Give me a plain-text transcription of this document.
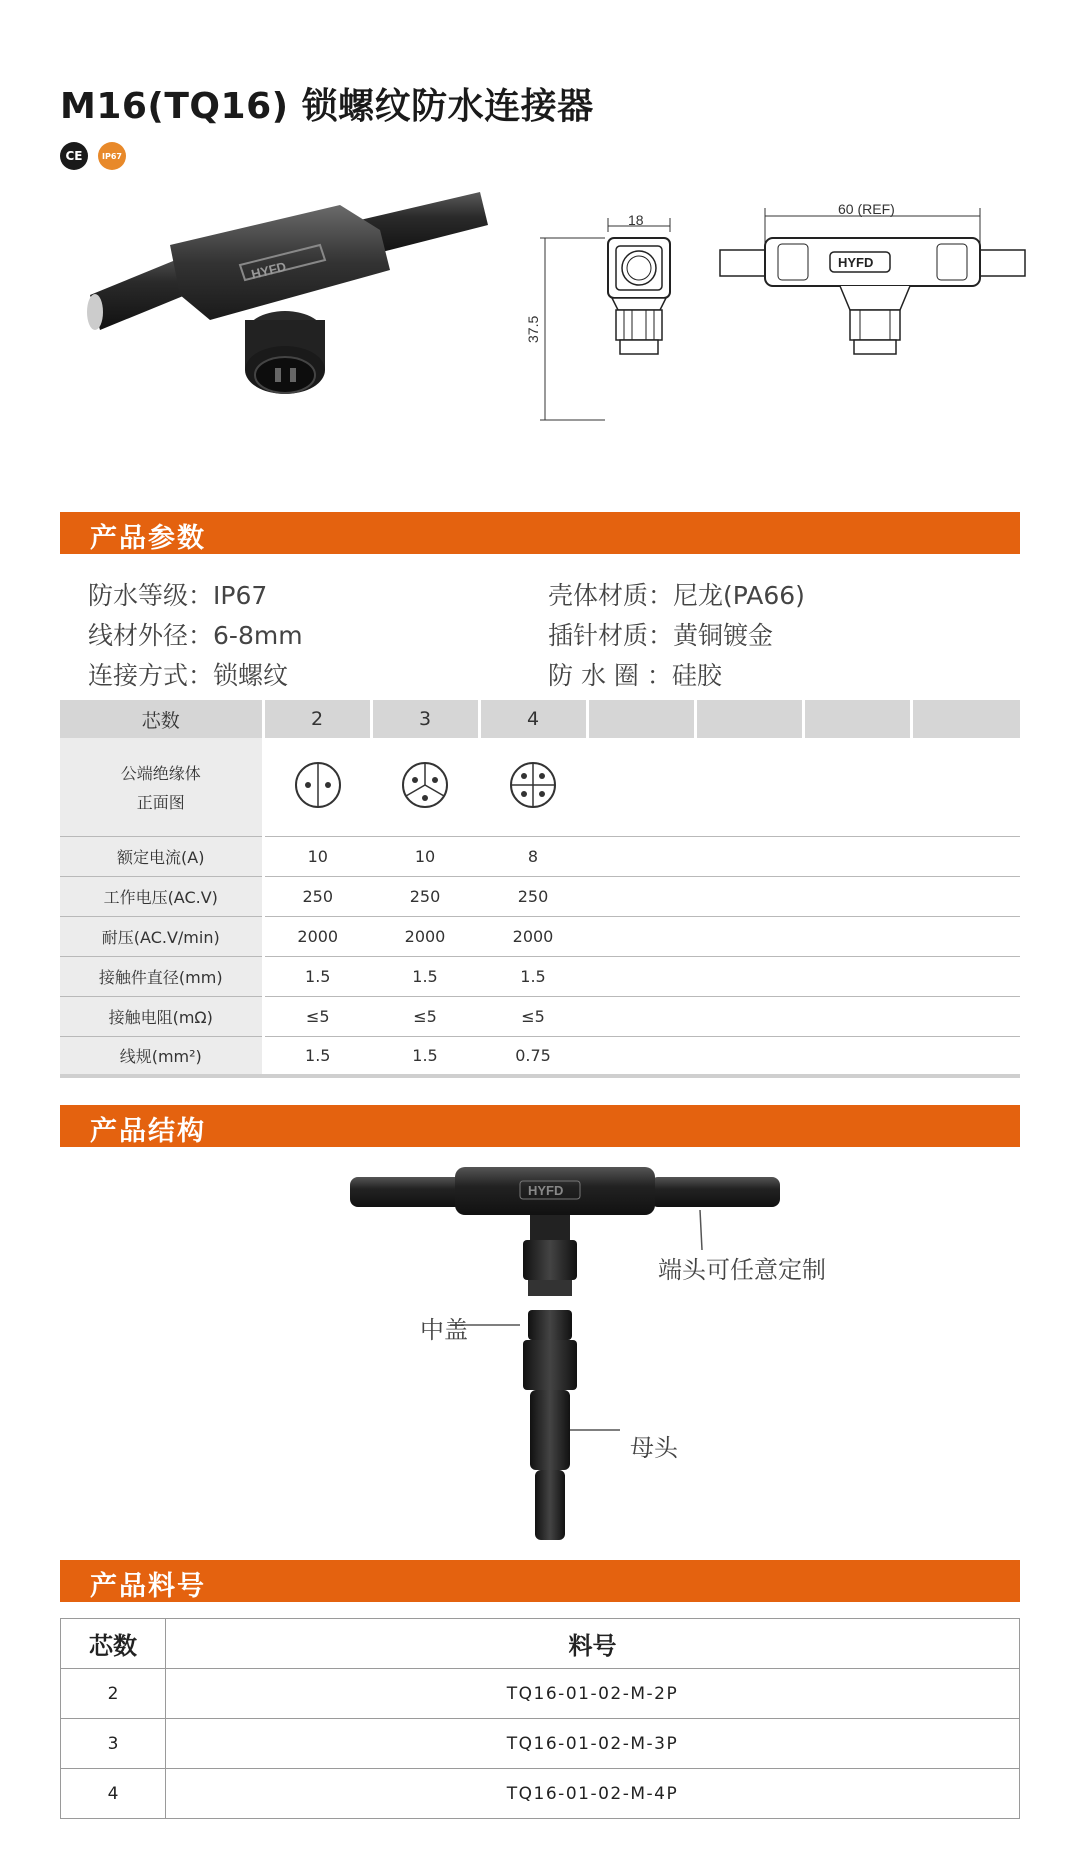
M16(TQ16) 锁螺纹防水连接器
CE	IP67
HYFD
18
37.5
60 (REF)
HYFD
产品参数
防水等级： IP67	壳体材质： 尼龙(PA66)
线材外径： 6-8mm	插针材质： 黄铜镀金
连接方式： 锁螺纹	防 水 圈 ： 硅胶
芯数	2	3	4				

公端绝缘体
正面图

额定电流(A)	10	10	8				
工作电压(AC.V)	250	250	250				
耐压(AC.V/min)	2000	2000	2000				
接触件直径(mm)	1.5	1.5	1.5				
接触电阻(mΩ)	≤5	≤5	≤5				
线规(mm²)	1.5	1.5	0.75				
产品结构
HYFD
端头可任意定制
中盖
母头
产品料号
芯数	料号
2	TQ16-01-02-M-2P
3	TQ16-01-02-M-3P
4	TQ16-01-02-M-4P
